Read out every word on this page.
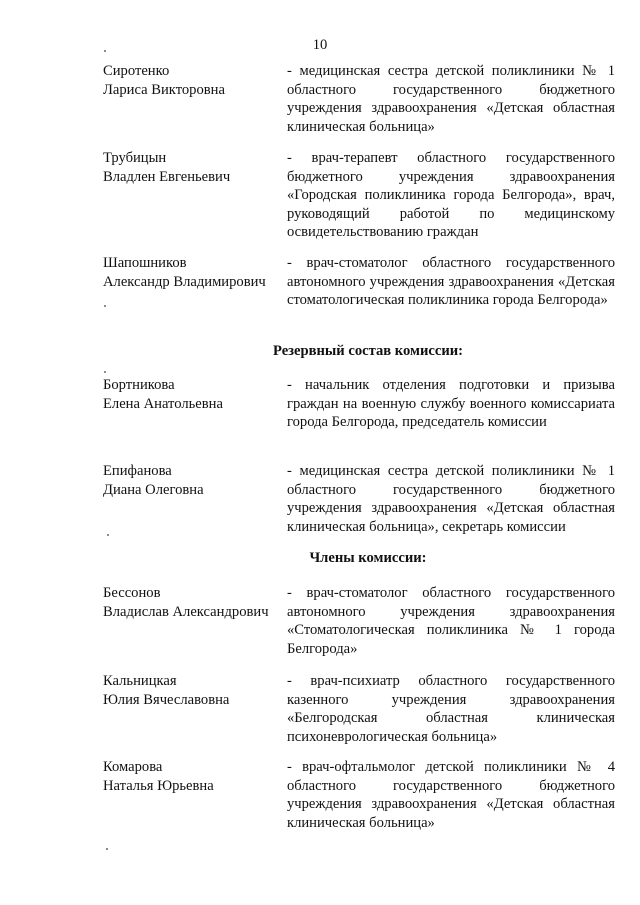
10
Сиротенко
Лариса Викторовна
- медицинская сестра детской поликлиники № 1 областного государственного бюджетного учреждения здравоохранения «Детская областная клиническая больница»
Трубицын
Владлен Евгеньевич
- врач-терапевт областного государственного бюджетного учреждения здравоохранения «Городская поликлиника города Белгорода», врач, руководящий работой по медицинскому освидетельствованию граждан
Шапошников
Александр Владимирович
- врач-стоматолог областного государственного автономного учреждения здравоохранения «Детская стоматологическая поликлиника города Белгорода»
Резервный состав комиссии:
Бортникова
Елена Анатольевна
- начальник отделения подготовки и призыва граждан на военную службу военного комиссариата города Белгорода, председатель комиссии
Епифанова
Диана Олеговна
- медицинская сестра детской поликлиники № 1 областного государственного бюджетного учреждения здравоохранения «Детская областная клиническая больница», секретарь комиссии
Члены комиссии:
Бессонов
Владислав Александрович
- врач-стоматолог областного государственного автономного учреждения здравоохранения «Стоматологическая поликлиника № 1 города Белгорода»
Кальницкая
Юлия Вячеславовна
- врач-психиатр областного государственного казенного учреждения здравоохранения «Белгородская областная клиническая психоневрологическая больница»
Комарова
Наталья Юрьевна
- врач-офтальмолог детской поликлиники № 4 областного государственного бюджетного учреждения здравоохранения «Детская областная клиническая больница»
